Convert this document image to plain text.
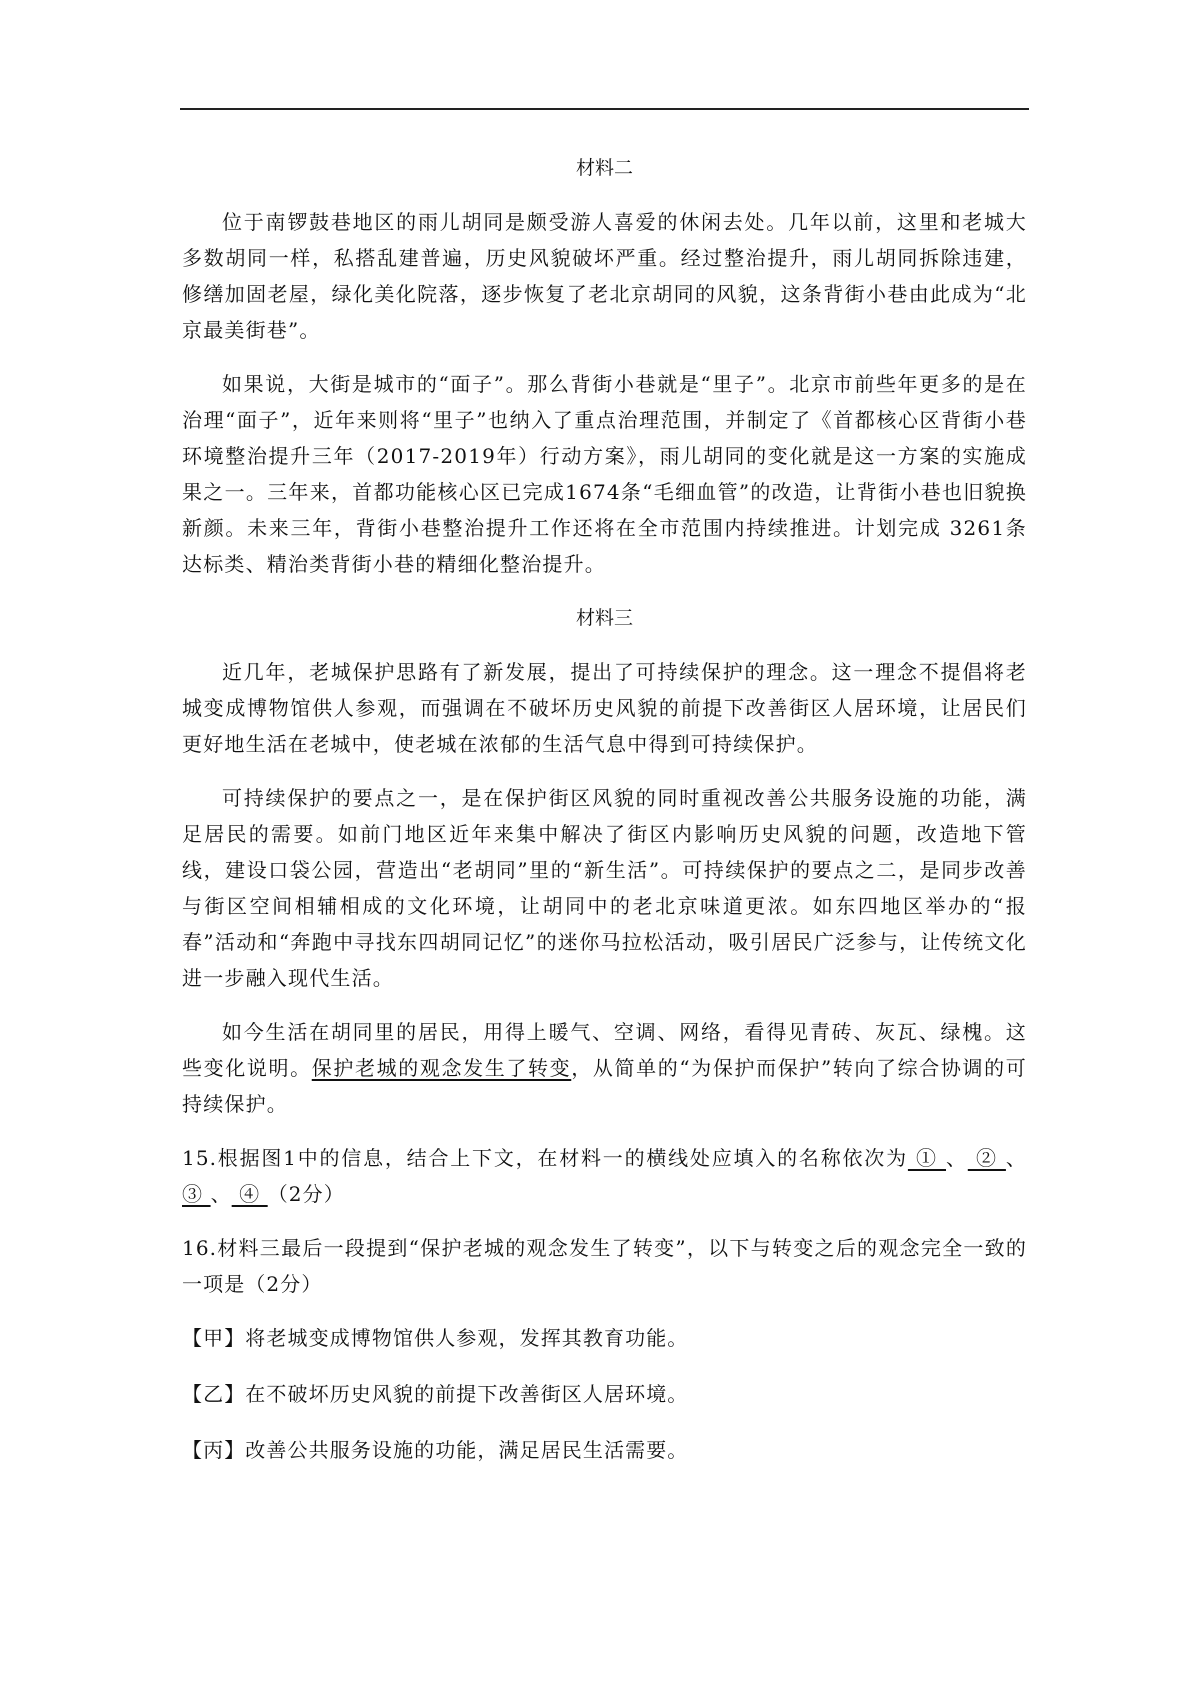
材料二

位于南锣鼓巷地区的雨儿胡同是颇受游人喜爱的休闲去处。几年以前，这里和老城大多数胡同一样，私搭乱建普遍，历史风貌破坏严重。经过整治提升，雨儿胡同拆除违建，修缮加固老屋，绿化美化院落，逐步恢复了老北京胡同的风貌，这条背街小巷由此成为“北京最美街巷”。

如果说，大街是城市的“面子”。那么背街小巷就是“里子”。北京市前些年更多的是在治理“面子”，近年来则将“里子”也纳入了重点治理范围，并制定了《首都核心区背街小巷环境整治提升三年（2017-2019年）行动方案》，雨儿胡同的变化就是这一方案的实施成果之一。三年来，首都功能核心区已完成1674条“毛细血管”的改造，让背街小巷也旧貌换新颜。未来三年，背街小巷整治提升工作还将在全市范围内持续推进。计划完成 3261条达标类、精治类背街小巷的精细化整治提升。

材料三

近几年，老城保护思路有了新发展，提出了可持续保护的理念。这一理念不提倡将老城变成博物馆供人参观，而强调在不破坏历史风貌的前提下改善街区人居环境，让居民们更好地生活在老城中，使老城在浓郁的生活气息中得到可持续保护。

可持续保护的要点之一，是在保护街区风貌的同时重视改善公共服务设施的功能，满足居民的需要。如前门地区近年来集中解决了街区内影响历史风貌的问题，改造地下管线，建设口袋公园，营造出“老胡同”里的“新生活”。可持续保护的要点之二，是同步改善与街区空间相辅相成的文化环境，让胡同中的老北京味道更浓。如东四地区举办的“报春”活动和“奔跑中寻找东四胡同记忆”的迷你马拉松活动，吸引居民广泛参与，让传统文化进一步融入现代生活。

如今生活在胡同里的居民，用得上暖气、空调、网络，看得见青砖、灰瓦、绿槐。这些变化说明。保护老城的观念发生了转变，从简单的“为保护而保护”转向了综合协调的可持续保护。

15.根据图1中的信息，结合上下文，在材料一的横线处应填入的名称依次为 ① 、 ② 、 ③ 、 ④ （2分）

16.材料三最后一段提到“保护老城的观念发生了转变”，以下与转变之后的观念完全一致的一项是（2分）

【甲】将老城变成博物馆供人参观，发挥其教育功能。
【乙】在不破坏历史风貌的前提下改善街区人居环境。
【丙】改善公共服务设施的功能，满足居民生活需要。
